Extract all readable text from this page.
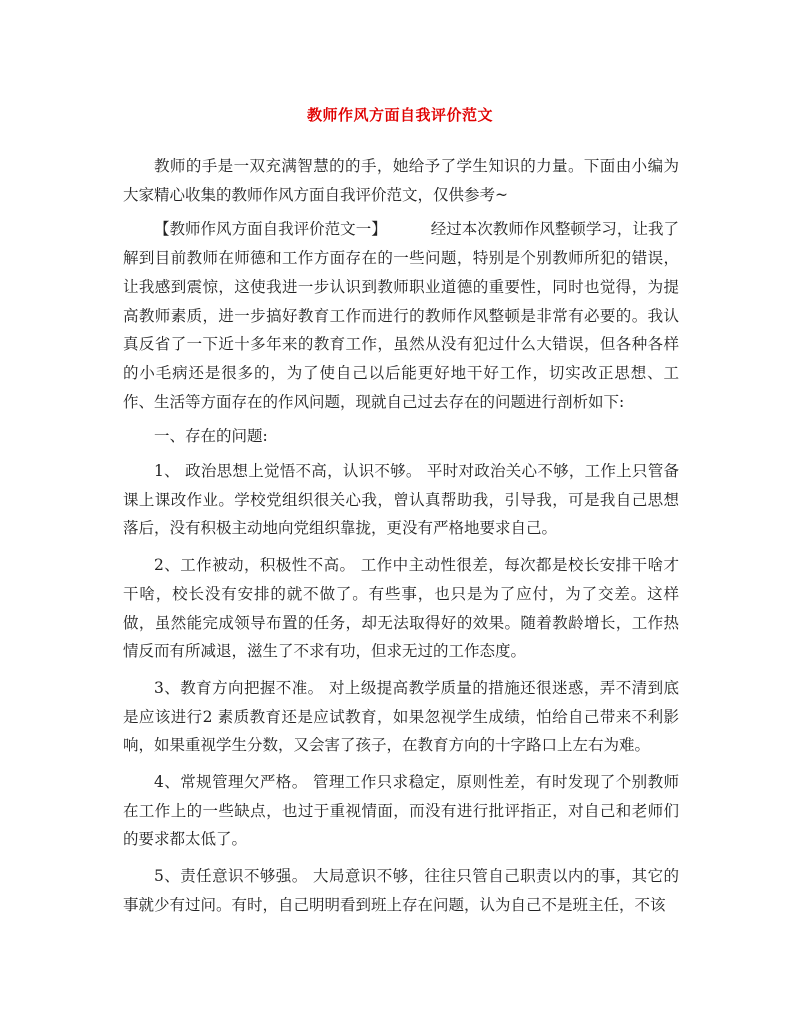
教师作风方面自我评价范文

教师的手是一双充满智慧的的手，她给予了学生知识的力量。下面由小编为大家精心收集的教师作风方面自我评价范文，仅供参考~

【教师作风方面自我评价范文一】	经过本次教师作风整顿学习，让我了解到目前教师在师德和工作方面存在的一些问题，特别是个别教师所犯的错误，让我感到震惊，这使我进一步认识到教师职业道德的重要性，同时也觉得，为提高教师素质，进一步搞好教育工作而进行的教师作风整顿是非常有必要的。我认真反省了一下近十多年来的教育工作，虽然从没有犯过什么大错误，但各种各样的小毛病还是很多的，为了使自己以后能更好地干好工作，切实改正思想、工作、生活等方面存在的作风问题，现就自己过去存在的问题进行剖析如下:

一、存在的问题:

1、 政治思想上觉悟不高，认识不够。 平时对政治关心不够，工作上只管备课上课改作业。学校党组织很关心我，曾认真帮助我，引导我，可是我自己思想落后，没有积极主动地向党组织靠拢，更没有严格地要求自己。

2、工作被动，积极性不高。 工作中主动性很差，每次都是校长安排干啥才干啥，校长没有安排的就不做了。有些事，也只是为了应付，为了交差。这样做，虽然能完成领导布置的任务，却无法取得好的效果。随着教龄增长，工作热情反而有所减退，滋生了不求有功，但求无过的工作态度。

3、教育方向把握不准。 对上级提高教学质量的措施还很迷惑，弄不清到底是应该进行2 素质教育还是应试教育，如果忽视学生成绩，怕给自己带来不利影响，如果重视学生分数，又会害了孩子，在教育方向的十字路口上左右为难。

4、常规管理欠严格。 管理工作只求稳定，原则性差，有时发现了个别教师在工作上的一些缺点，也过于重视情面，而没有进行批评指正，对自己和老师们的要求都太低了。

5、责任意识不够强。 大局意识不够，往往只管自己职责以内的事，其它的事就少有过问。有时，自己明明看到班上存在问题，认为自己不是班主任，不该
